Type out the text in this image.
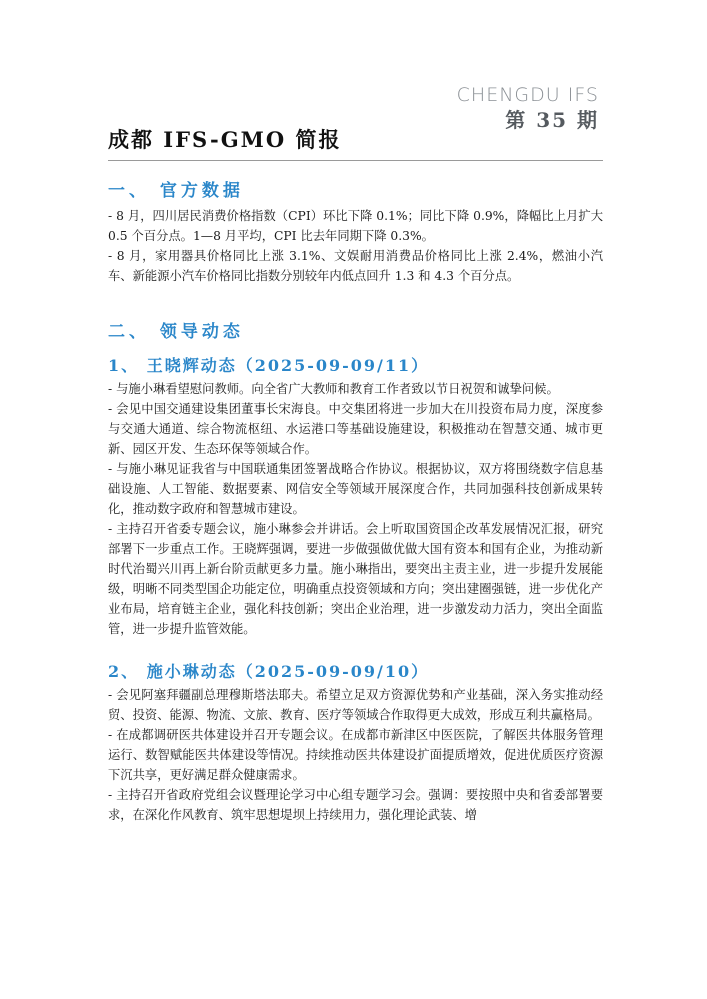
CHENGDU IFS
第 35 期
成都 IFS-GMO 简报
一、 官方数据

- 8 月，四川居民消费价格指数（CPI）环比下降 0.1%；同比下降 0.9%，降幅比上月扩大 0.5 个百分点。1—8 月平均，CPI 比去年同期下降 0.3%。

- 8 月，家用器具价格同比上涨 3.1%、文娱耐用消费品价格同比上涨 2.4%，燃油小汽车、新能源小汽车价格同比指数分别较年内低点回升 1.3 和 4.3 个百分点。

二、 领导动态
1、 王晓辉动态（2025-09-09/11）

- 与施小琳看望慰问教师。向全省广大教师和教育工作者致以节日祝贺和诚挚问候。

- 会见中国交通建设集团董事长宋海良。中交集团将进一步加大在川投资布局力度，深度参与交通大通道、综合物流枢纽、水运港口等基础设施建设，积极推动在智慧交通、城市更新、园区开发、生态环保等领域合作。

- 与施小琳见证我省与中国联通集团签署战略合作协议。根据协议，双方将围绕数字信息基础设施、人工智能、数据要素、网信安全等领域开展深度合作，共同加强科技创新成果转化，推动数字政府和智慧城市建设。

- 主持召开省委专题会议，施小琳参会并讲话。会上听取国资国企改革发展情况汇报，研究部署下一步重点工作。王晓辉强调，要进一步做强做优做大国有资本和国有企业，为推动新时代治蜀兴川再上新台阶贡献更多力量。施小琳指出，要突出主责主业，进一步提升发展能级，明晰不同类型国企功能定位，明确重点投资领域和方向；突出建圈强链，进一步优化产业布局，培育链主企业，强化科技创新；突出企业治理，进一步激发动力活力，突出全面监管，进一步提升监管效能。

2、 施小琳动态（2025-09-09/10）

- 会见阿塞拜疆副总理穆斯塔法耶夫。希望立足双方资源优势和产业基础，深入务实推动经贸、投资、能源、物流、文旅、教育、医疗等领域合作取得更大成效，形成互利共赢格局。

- 在成都调研医共体建设并召开专题会议。在成都市新津区中医医院，了解医共体服务管理运行、数智赋能医共体建设等情况。持续推动医共体建设扩面提质增效，促进优质医疗资源下沉共享，更好满足群众健康需求。

- 主持召开省政府党组会议暨理论学习中心组专题学习会。强调：要按照中央和省委部署要求，在深化作风教育、筑牢思想堤坝上持续用力，强化理论武装、增
